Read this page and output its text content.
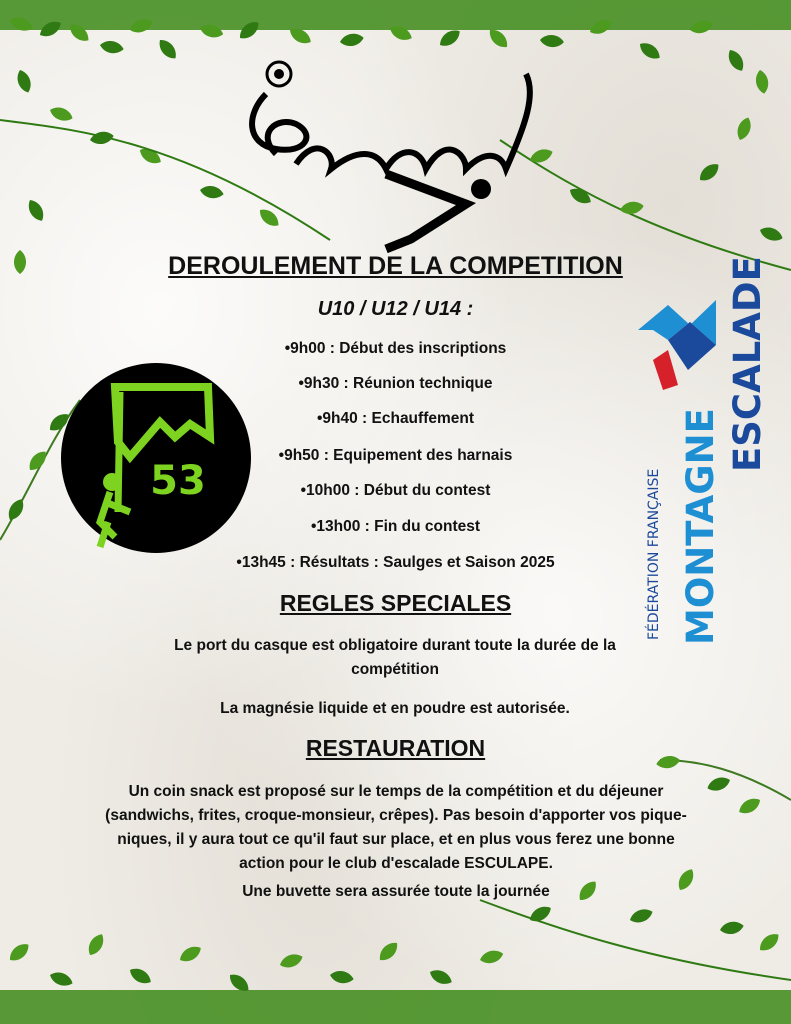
Esculape
DEROULEMENT DE LA COMPETITION
U10 / U12 / U14 :
•9h00 : Début des inscriptions
•9h30 : Réunion technique
•9h40 : Echauffement
•9h50 : Equipement des harnais
•10h00 : Début du contest
•13h00 : Fin du contest
•13h45 : Résultats : Saulges et Saison 2025
REGLES SPECIALES
Le port du casque est obligatoire durant toute la durée de la compétition
La magnésie liquide et en poudre est autorisée.
RESTAURATION
Un coin snack est proposé sur le temps de la compétition et du déjeuner (sandwichs, frites, croque-monsieur, crêpes). Pas besoin d'apporter vos pique-niques, il y aura tout ce qu'il faut sur place, et en plus vous ferez une bonne action pour le club d'escalade ESCULAPE.
Une buvette sera assurée toute la journée
53	FÉDÉRATION FRANÇAISE MONTAGNE
ESCALADE
